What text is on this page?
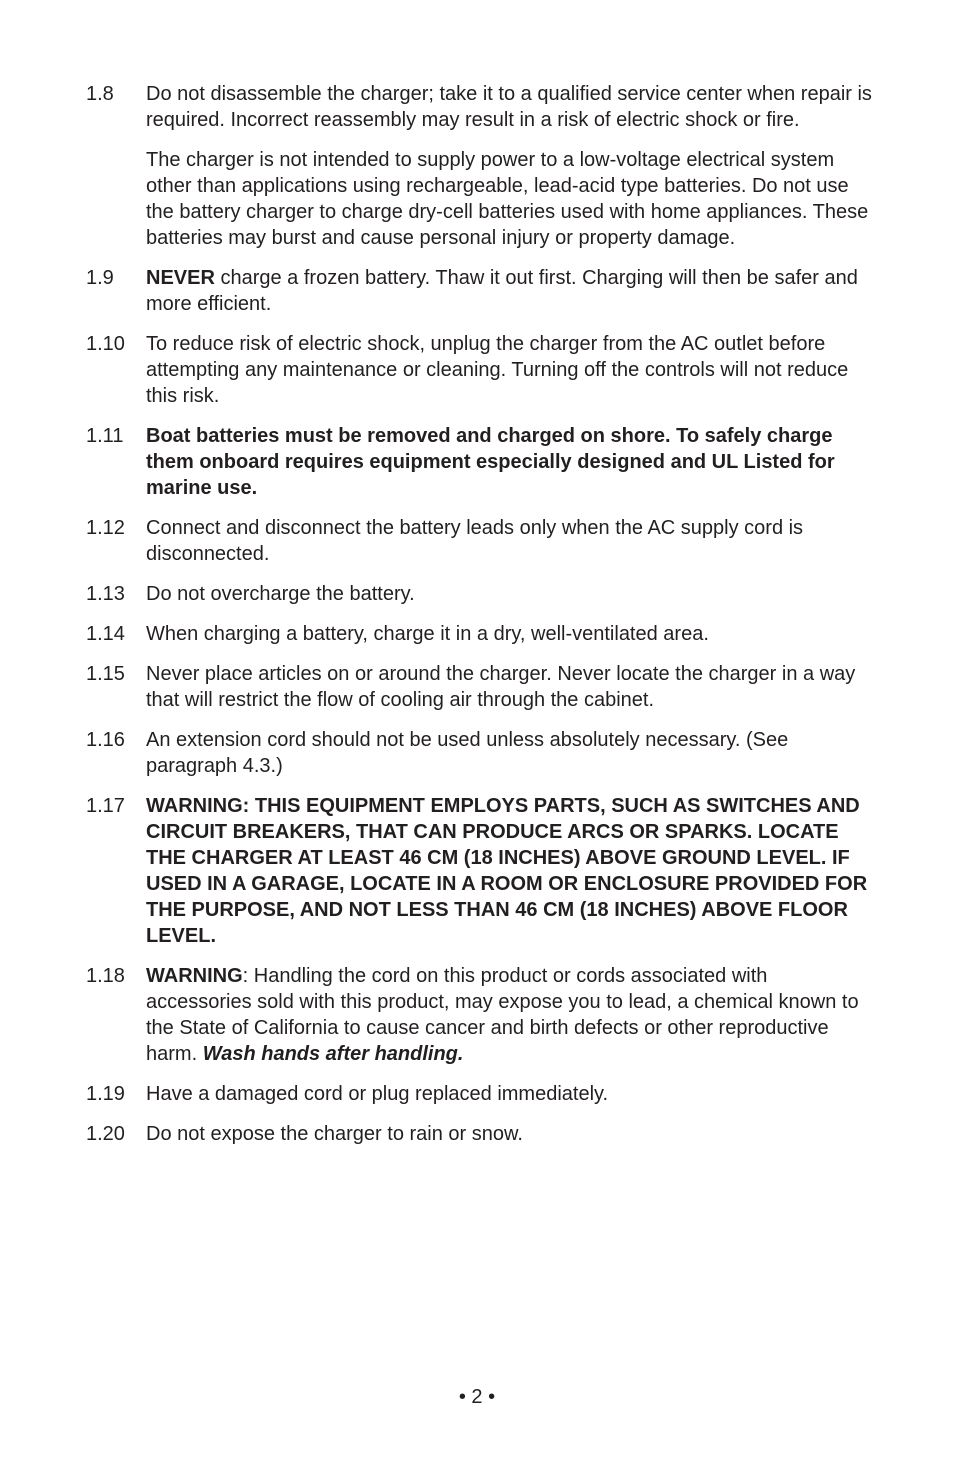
1.8	Do not disassemble the charger; take it to a qualified service center when repair is required. Incorrect reassembly may result in a risk of electric shock or fire.
The charger is not intended to supply power to a low-voltage electrical system other than applications using rechargeable, lead-acid type batteries. Do not use the battery charger to charge dry-cell batteries used with home appliances. These batteries may burst and cause personal injury or property damage.
1.9	NEVER charge a frozen battery. Thaw it out first. Charging will then be safer and more efficient.
1.10	To reduce risk of electric shock, unplug the charger from the AC outlet before attempting any maintenance or cleaning. Turning off the controls will not reduce this risk.
1.11	Boat batteries must be removed and charged on shore. To safely charge them onboard requires equipment especially designed and UL Listed for marine use.
1.12	Connect and disconnect the battery leads only when the AC supply cord is disconnected.
1.13	Do not overcharge the battery.
1.14	When charging a battery, charge it in a dry, well-ventilated area.
1.15	Never place articles on or around the charger. Never locate the charger in a way that will restrict the flow of cooling air through the cabinet.
1.16	An extension cord should not be used unless absolutely necessary. (See paragraph 4.3.)
1.17	WARNING: THIS EQUIPMENT EMPLOYS PARTS, SUCH AS SWITCHES AND CIRCUIT BREAKERS, THAT CAN PRODUCE ARCS OR SPARKS. LOCATE THE CHARGER AT LEAST 46 CM (18 INCHES) ABOVE GROUND LEVEL. IF USED IN A GARAGE, LOCATE IN A ROOM OR ENCLOSURE PROVIDED FOR THE PURPOSE, AND NOT LESS THAN 46 CM (18 INCHES) ABOVE FLOOR LEVEL.
1.18	WARNING: Handling the cord on this product or cords associated with accessories sold with this product, may expose you to lead, a chemical known to the State of California to cause cancer and birth defects or other reproductive harm. Wash hands after handling.
1.19	Have a damaged cord or plug replaced immediately.
1.20	Do not expose the charger to rain or snow.
• 2 •
